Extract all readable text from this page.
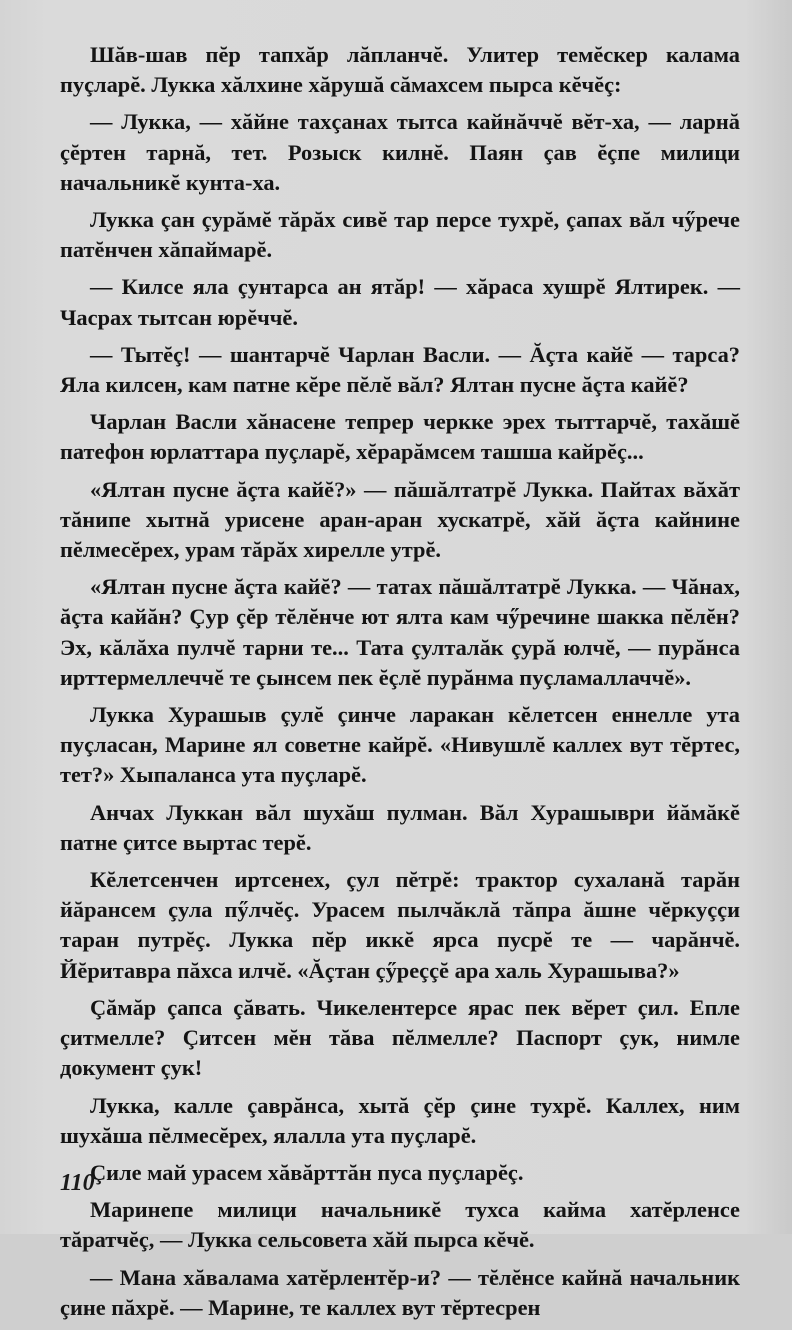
Шăв-шав пĕр тапхăр лăпланчĕ. Улитер темĕскер калама пуçларĕ. Лукка хăлхине хăрушă сăмахсем пырса кĕчĕç:

— Лукка, — хăйне тахçанах тытса кайнăччĕ вĕт-ха, — ларнă çĕртен тарнă, тет. Розыск килнĕ. Паян çав ĕçпе милици начальникĕ кунта-ха.

Лукка çан çурăмĕ тăрăх сивĕ тар персе тухрĕ, çапах вăл чӳрече патĕнчен хăпаймарĕ.

— Килсе яла çунтарса ан ятăр! — хăраса хушрĕ Ялтирек. — Часрах тытсан юрĕччĕ.

— Тытĕç! — шантарчĕ Чарлан Васли. — Ăçта кайĕ — тарса? Яла килсен, кам патне кĕре пĕлĕ вăл? Ялтан пусне ăçта кайĕ?

Чарлан Васли хăнасене тепрер черкке эрех тыттарчĕ, тахăшĕ патефон юрлаттара пуçларĕ, хĕрарăмсем ташша кайрĕç...

«Ялтан пусне ăçта кайĕ?» — пăшăлтатрĕ Лукка. Пайтах вăхăт тăнипе хытнă урисене аран-аран хускатрĕ, хăй ăçта кайнине пĕлмесĕрех, урам тăрăх хирелле утрĕ.

«Ялтан пусне ăçта кайĕ? — татах пăшăлтатрĕ Лукка. — Чăнах, ăçта кайăн? Çур çĕр тĕлĕнче ют ялта кам чӳречине шакка пĕлĕн? Эх, кăлăха пулчĕ тарни те... Тата çулталăк çурă юлчĕ, — пурăнса ирттермеллеччĕ те çынсем пек ĕçлĕ пурăнма пуçламаллаччĕ».

Лукка Хурашыв çулĕ çинче ларакан кĕлетсен еннелле ута пуçласан, Марине ял советне кайрĕ. «Нивушлĕ каллех вут тĕртес, тет?» Хыпаланса ута пуçларĕ.

Анчах Луккан вăл шухăш пулман. Вăл Хурашыври йăмăкĕ патне çитсе выртас терĕ.

Кĕлетсенчен иртсенех, çул пĕтрĕ: трактор сухаланă тарăн йăрансем çула пӳлчĕç. Урасем пылчăклă тăпра ăшне чĕркуççи таран путрĕç. Лукка пĕр иккĕ ярса пусрĕ те — чарăнчĕ. Йĕритавра пăхса илчĕ. «Ăçтан çӳреççĕ ара халь Хурашыва?»

Çăмăр çапса çăвать. Чикелентерсе ярас пек вĕрет çил. Епле çитмелле? Çитсен мĕн тăва пĕлмелле? Паспорт çук, нимле документ çук!

Лукка, калле çаврăнса, хытă çĕр çине тухрĕ. Каллех, ним шухăша пĕлмесĕрех, ялалла ута пуçларĕ.

Çиле май урасем хăвăрттăн пуса пуçларĕç.

Маринепе милици начальникĕ тухса кайма хатĕрленсе тăратчĕç, — Лукка сельсовета хăй пырса кĕчĕ.

— Мана хăвалама хатĕрлентĕр-и? — тĕлĕнсе кайнă начальник çине пăхрĕ. — Марине, те каллех вут тĕртесрен

110
